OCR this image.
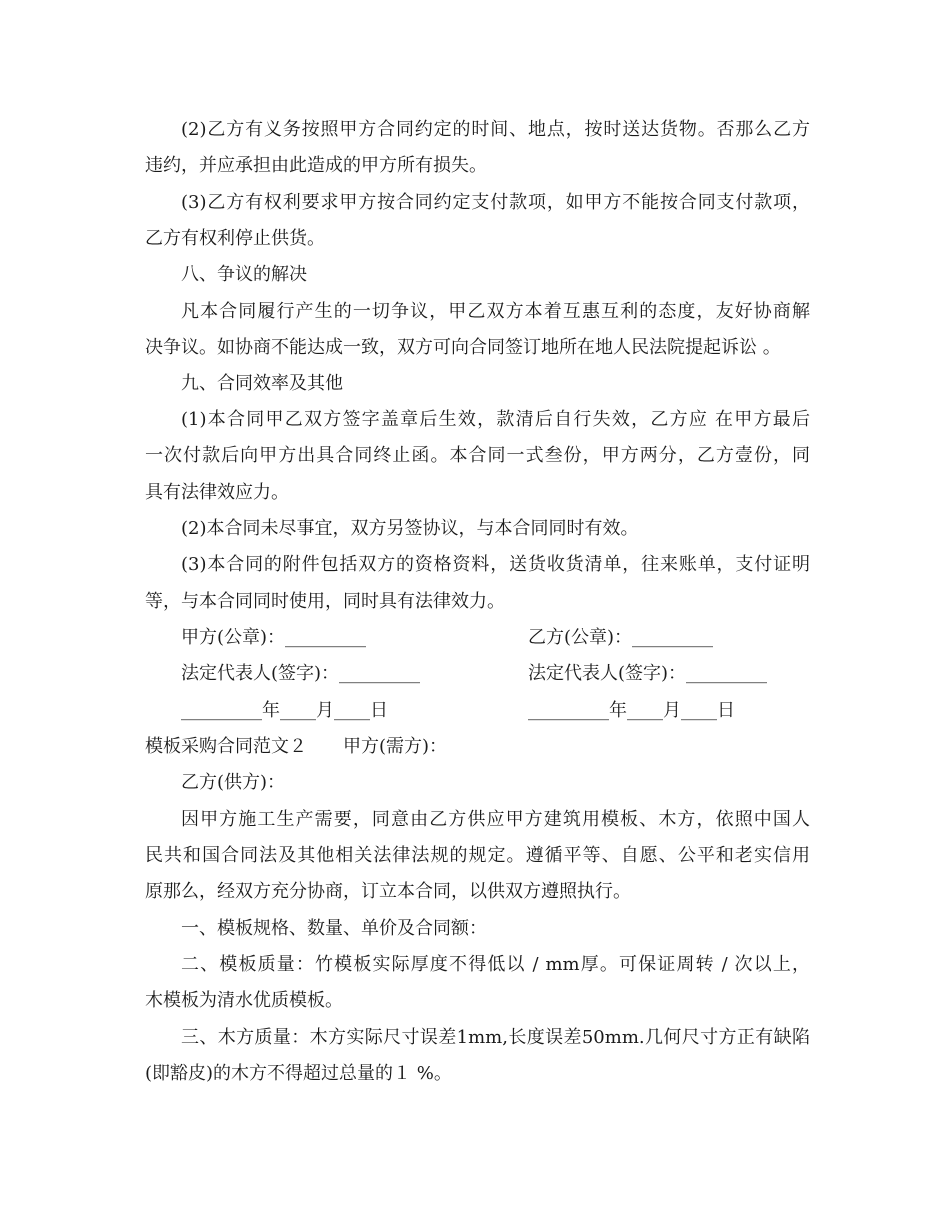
(2)乙方有义务按照甲方合同约定的时间、地点，按时送达货物。否那么乙方
违约，并应承担由此造成的甲方所有损失。
(3)乙方有权利要求甲方按合同约定支付款项，如甲方不能按合同支付款项，
乙方有权利停止供货。
八、争议的解决
凡本合同履行产生的一切争议，甲乙双方本着互惠互利的态度，友好协商解
决争议。如协商不能达成一致，双方可向合同签订地所在地人民法院提起诉讼 。
九、合同效率及其他
(1)本合同甲乙双方签字盖章后生效，款清后自行失效，乙方应 在甲方最后
一次付款后向甲方出具合同终止函。本合同一式叁份，甲方两分，乙方壹份，同
具有法律效应力。
(2)本合同未尽事宜，双方另签协议，与本合同同时有效。
(3)本合同的附件包括双方的资格资料，送货收货清单，往来账单，支付证明
等，与本合同同时使用，同时具有法律效力。
甲方(公章)：_________	乙方(公章)：_________
法定代表人(签字)：_________	法定代表人(签字)：_________
_________年____月____日	_________年____月____日
模板采购合同范文２　　甲方(需方)：
乙方(供方)：
因甲方施工生产需要，同意由乙方供应甲方建筑用模板、木方，依照中国人
民共和国合同法及其他相关法律法规的规定。遵循平等、自愿、公平和老实信用
原那么，经双方充分协商，订立本合同，以供双方遵照执行。
一、模板规格、数量、单价及合同额：
二、模板质量：竹模板实际厚度不得低以 / mm厚。可保证周转 / 次以上，
木模板为清水优质模板。
三、木方质量：木方实际尺寸误差1mm,长度误差50mm.几何尺寸方正有缺陷
(即豁皮)的木方不得超过总量的１ %。
